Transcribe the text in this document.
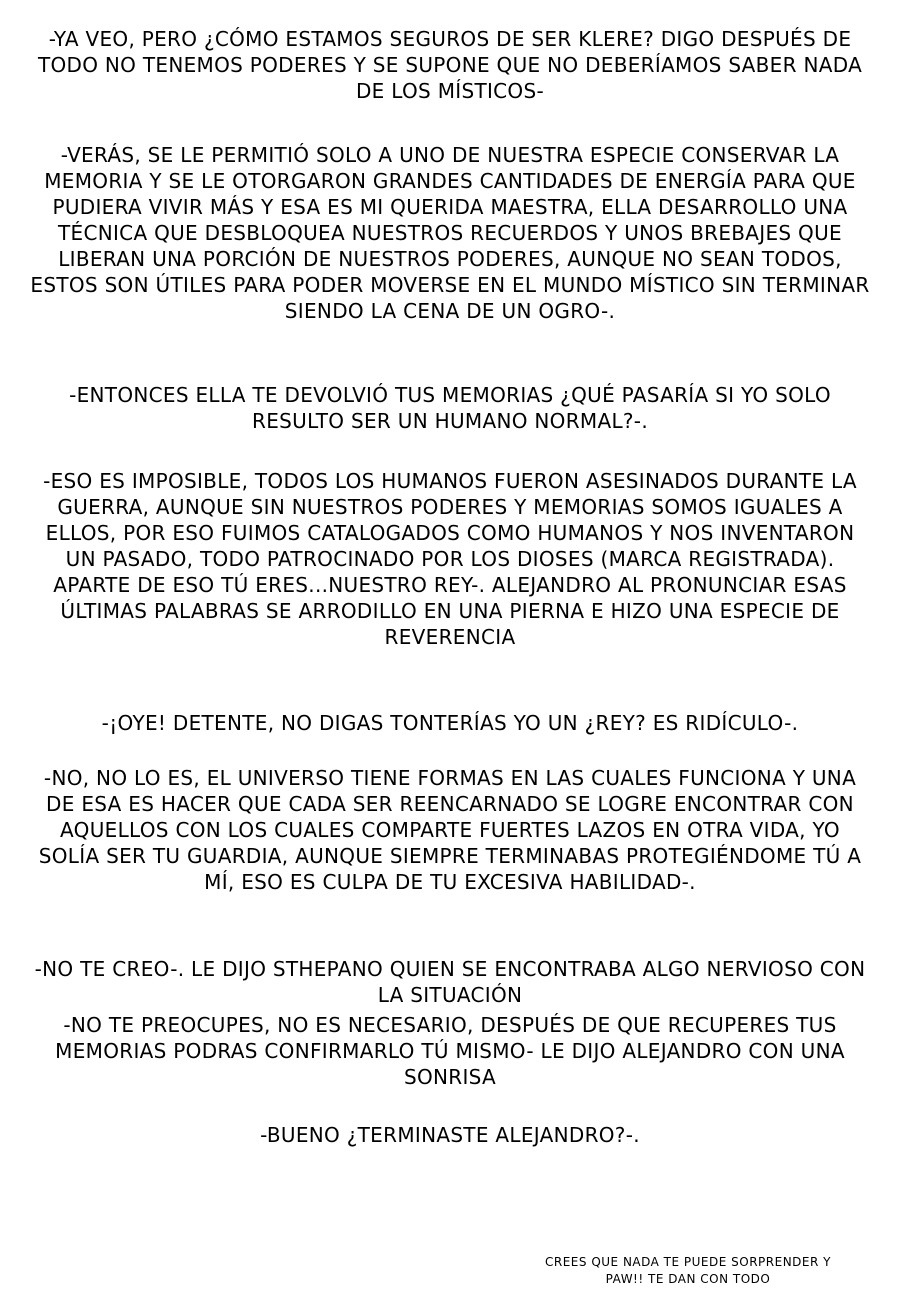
-YA VEO, PERO ¿CÓMO ESTAMOS SEGUROS DE SER KLERE? DIGO DESPUÉS DE TODO NO TENEMOS PODERES Y SE SUPONE QUE NO DEBERÍAMOS SABER NADA DE LOS MÍSTICOS-

-VERÁS, SE LE PERMITIÓ SOLO A UNO DE NUESTRA ESPECIE CONSERVAR LA MEMORIA Y SE LE OTORGARON GRANDES CANTIDADES DE ENERGÍA PARA QUE PUDIERA VIVIR MÁS Y ESA ES MI QUERIDA MAESTRA, ELLA DESARROLLO UNA TÉCNICA QUE DESBLOQUEA NUESTROS RECUERDOS Y UNOS BREBAJES QUE LIBERAN UNA PORCIÓN DE NUESTROS PODERES, AUNQUE NO SEAN TODOS, ESTOS SON ÚTILES PARA PODER MOVERSE EN EL MUNDO MÍSTICO SIN TERMINAR SIENDO LA CENA DE UN OGRO-.

-ENTONCES ELLA TE DEVOLVIÓ TUS MEMORIAS ¿QUÉ PASARÍA SI YO SOLO RESULTO SER UN HUMANO NORMAL?-.

-ESO ES IMPOSIBLE, TODOS LOS HUMANOS FUERON ASESINADOS DURANTE LA GUERRA, AUNQUE SIN NUESTROS PODERES Y MEMORIAS SOMOS IGUALES A ELLOS, POR ESO FUIMOS CATALOGADOS COMO HUMANOS Y NOS INVENTARON UN PASADO, TODO PATROCINADO POR LOS DIOSES (MARCA REGISTRADA). APARTE DE ESO TÚ ERES...NUESTRO REY-. ALEJANDRO AL PRONUNCIAR ESAS ÚLTIMAS PALABRAS SE ARRODILLO EN UNA PIERNA E HIZO UNA ESPECIE DE REVERENCIA

-¡OYE! DETENTE, NO DIGAS TONTERÍAS YO UN ¿REY? ES RIDÍCULO-.

-NO, NO LO ES, EL UNIVERSO TIENE FORMAS EN LAS CUALES FUNCIONA Y UNA DE ESA ES HACER QUE CADA SER REENCARNADO SE LOGRE ENCONTRAR CON AQUELLOS CON LOS CUALES COMPARTE FUERTES LAZOS EN OTRA VIDA, YO SOLÍA SER TU GUARDIA, AUNQUE SIEMPRE TERMINABAS PROTEGIÉNDOME TÚ A MÍ, ESO ES CULPA DE TU EXCESIVA HABILIDAD-.

-NO TE CREO-. LE DIJO STHEPANO QUIEN SE ENCONTRABA ALGO NERVIOSO CON LA SITUACIÓN

-NO TE PREOCUPES, NO ES NECESARIO, DESPUÉS DE QUE RECUPERES TUS MEMORIAS PODRAS CONFIRMARLO TÚ MISMO- LE DIJO ALEJANDRO CON UNA SONRISA

-BUENO ¿TERMINASTE ALEJANDRO?-.

CREES QUE NADA TE PUEDE SORPRENDER Y
PAW!! TE DAN CON TODO
